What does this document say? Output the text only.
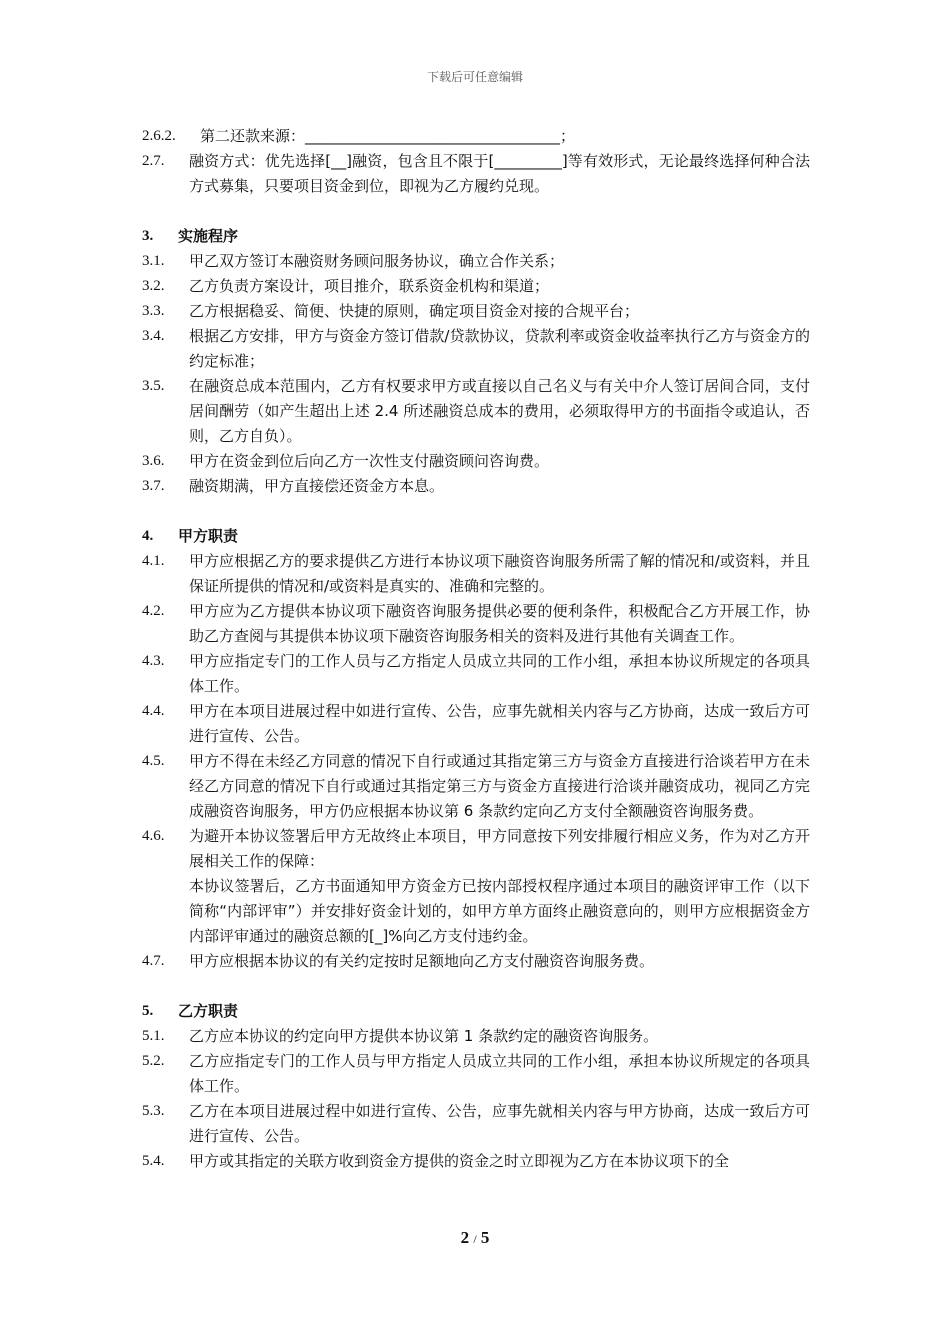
下载后可任意编辑
2.6.2.	第二还款来源：__________________________________；
2.7.	融资方式：优先选择[__]融资，包含且不限于[_________]等有效形式，无论最终选择何种合法方式募集，只要项目资金到位，即视为乙方履约兑现。
3.	实施程序
3.1.	甲乙双方签订本融资财务顾问服务协议，确立合作关系；
3.2.	乙方负责方案设计，项目推介，联系资金机构和渠道；
3.3.	乙方根据稳妥、简便、快捷的原则，确定项目资金对接的合规平台；
3.4.	根据乙方安排，甲方与资金方签订借款/贷款协议，贷款利率或资金收益率执行乙方与资金方的约定标准；
3.5.	在融资总成本范围内，乙方有权要求甲方或直接以自己名义与有关中介人签订居间合同，支付居间酬劳（如产生超出上述 2.4 所述融资总成本的费用，必须取得甲方的书面指令或追认，否则，乙方自负）。
3.6.	甲方在资金到位后向乙方一次性支付融资顾问咨询费。
3.7.	融资期满，甲方直接偿还资金方本息。
4.	甲方职责
4.1.	甲方应根据乙方的要求提供乙方进行本协议项下融资咨询服务所需了解的情况和/或资料，并且保证所提供的情况和/或资料是真实的、准确和完整的。
4.2.	甲方应为乙方提供本协议项下融资咨询服务提供必要的便利条件，积极配合乙方开展工作，协助乙方查阅与其提供本协议项下融资咨询服务相关的资料及进行其他有关调查工作。
4.3.	甲方应指定专门的工作人员与乙方指定人员成立共同的工作小组，承担本协议所规定的各项具体工作。
4.4.	甲方在本项目进展过程中如进行宣传、公告，应事先就相关内容与乙方协商，达成一致后方可进行宣传、公告。
4.5.	甲方不得在未经乙方同意的情况下自行或通过其指定第三方与资金方直接进行洽谈若甲方在未经乙方同意的情况下自行或通过其指定第三方与资金方直接进行洽谈并融资成功，视同乙方完成融资咨询服务，甲方仍应根据本协议第 6 条款约定向乙方支付全额融资咨询服务费。
4.6.	为避开本协议签署后甲方无故终止本项目，甲方同意按下列安排履行相应义务，作为对乙方开展相关工作的保障：
本协议签署后，乙方书面通知甲方资金方已按内部授权程序通过本项目的融资评审工作（以下简称“内部评审”）并安排好资金计划的，如甲方单方面终止融资意向的，则甲方应根据资金方内部评审通过的融资总额的[_]%向乙方支付违约金。
4.7.	甲方应根据本协议的有关约定按时足额地向乙方支付融资咨询服务费。
5.	乙方职责
5.1.	乙方应本协议的约定向甲方提供本协议第 1 条款约定的融资咨询服务。
5.2.	乙方应指定专门的工作人员与甲方指定人员成立共同的工作小组，承担本协议所规定的各项具体工作。
5.3.	乙方在本项目进展过程中如进行宣传、公告，应事先就相关内容与甲方协商，达成一致后方可进行宣传、公告。
5.4.	甲方或其指定的关联方收到资金方提供的资金之时立即视为乙方在本协议项下的全
2 / 5
